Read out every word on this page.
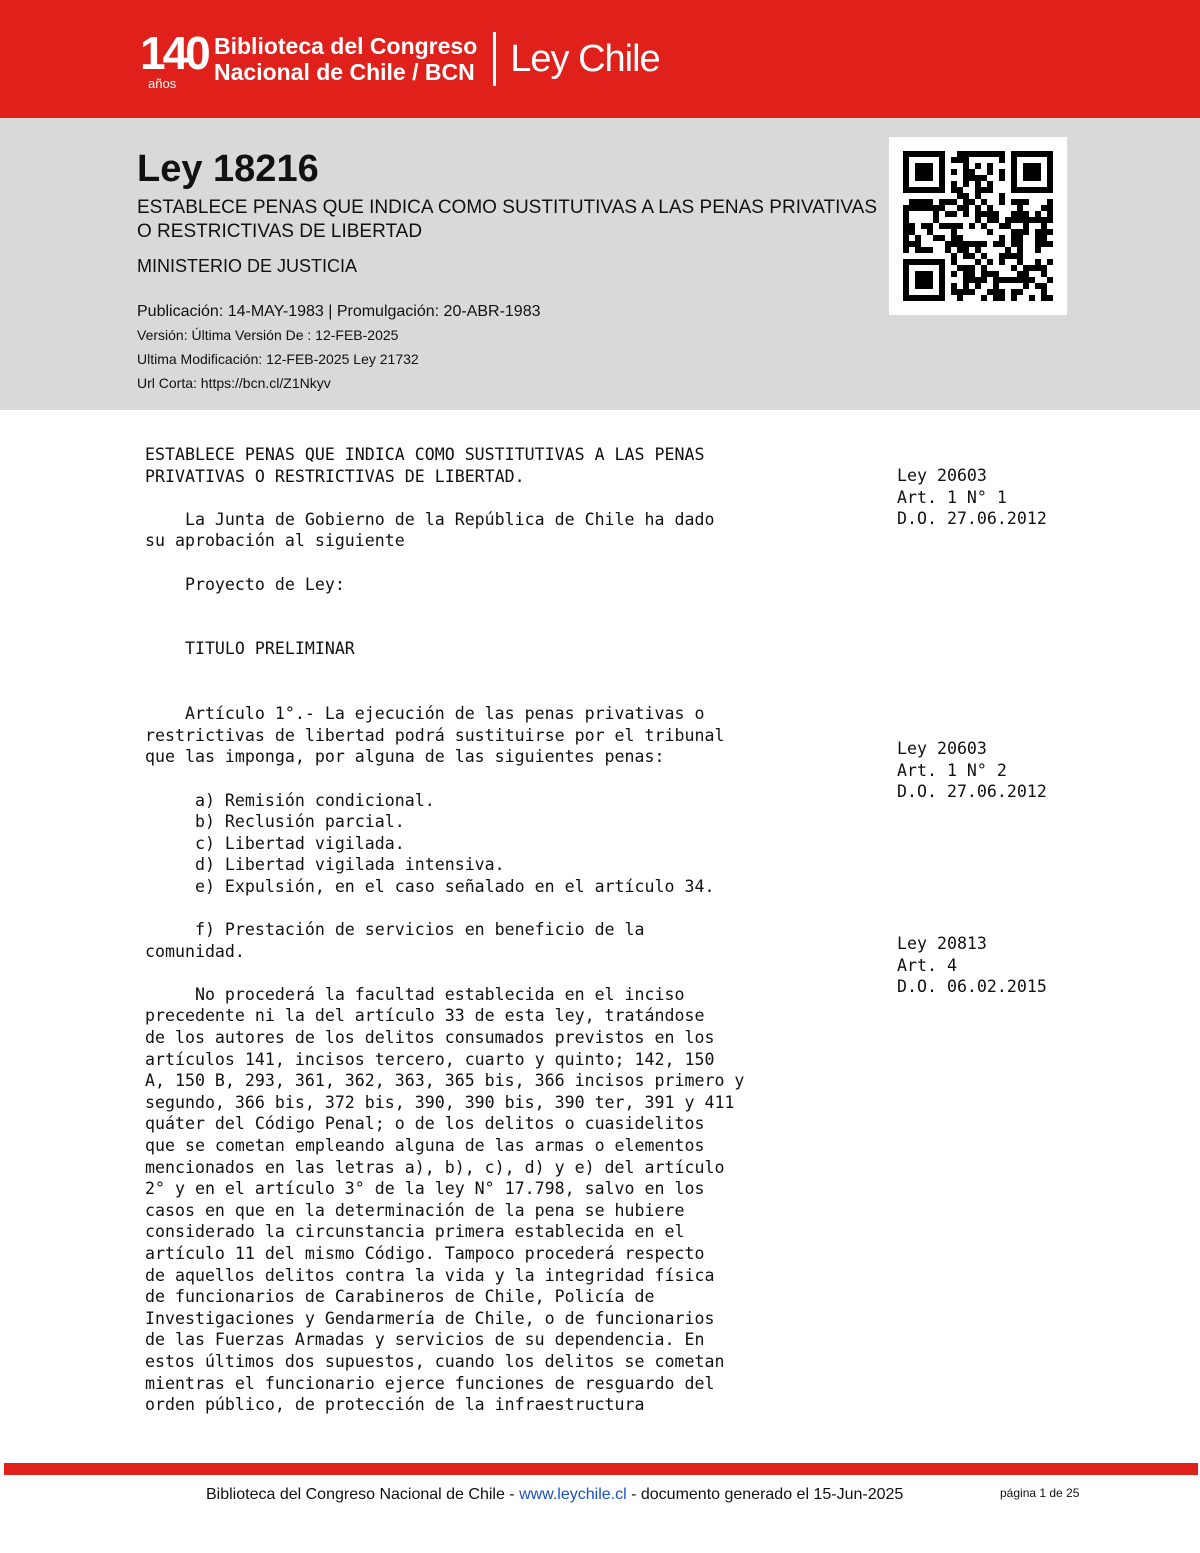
140
años
Biblioteca del Congreso
Nacional de Chile / BCN Ley Chile
Ley 18216
ESTABLECE PENAS QUE INDICA COMO SUSTITUTIVAS A LAS PENAS PRIVATIVAS O RESTRICTIVAS DE LIBERTAD
MINISTERIO DE JUSTICIA
Publicación: 14-MAY-1983 | Promulgación: 20-ABR-1983
Versión: Última Versión De : 12-FEB-2025
Ultima Modificación: 12-FEB-2025 Ley 21732
Url Corta: https://bcn.cl/Z1Nkyv
ESTABLECE PENAS QUE INDICA COMO SUSTITUTIVAS A LAS PENAS
PRIVATIVAS O RESTRICTIVAS DE LIBERTAD.

La Junta de Gobierno de la República de Chile ha dado
su aprobación al siguiente

Proyecto de Ley:

TITULO PRELIMINAR

Artículo 1°.- La ejecución de las penas privativas o
restrictivas de libertad podrá sustituirse por el tribunal
que las imponga, por alguna de las siguientes penas:

a) Remisión condicional.
b) Reclusión parcial.
c) Libertad vigilada.
d) Libertad vigilada intensiva.
e) Expulsión, en el caso señalado en el artículo 34.

f) Prestación de servicios en beneficio de la
comunidad.

No procederá la facultad establecida en el inciso
precedente ni la del artículo 33 de esta ley, tratándose
de los autores de los delitos consumados previstos en los
artículos 141, incisos tercero, cuarto y quinto; 142, 150
A, 150 B, 293, 361, 362, 363, 365 bis, 366 incisos primero y
segundo, 366 bis, 372 bis, 390, 390 bis, 390 ter, 391 y 411
quáter del Código Penal; o de los delitos o cuasidelitos
que se cometan empleando alguna de las armas o elementos
mencionados en las letras a), b), c), d) y e) del artículo
2° y en el artículo 3° de la ley N° 17.798, salvo en los
casos en que en la determinación de la pena se hubiere
considerado la circunstancia primera establecida en el
artículo 11 del mismo Código. Tampoco procederá respecto
de aquellos delitos contra la vida y la integridad física
de funcionarios de Carabineros de Chile, Policía de
Investigaciones y Gendarmería de Chile, o de funcionarios
de las Fuerzas Armadas y servicios de su dependencia. En
estos últimos dos supuestos, cuando los delitos se cometan
mientras el funcionario ejerce funciones de resguardo del
orden público, de protección de la infraestructura
Ley 20603
Art. 1 N° 1
D.O. 27.06.2012
Ley 20603
Art. 1 N° 2
D.O. 27.06.2012
Ley 20813
Art. 4
D.O. 06.02.2015
Biblioteca del Congreso Nacional de Chile - www.leychile.cl - documento generado el 15-Jun-2025	página 1 de 25
